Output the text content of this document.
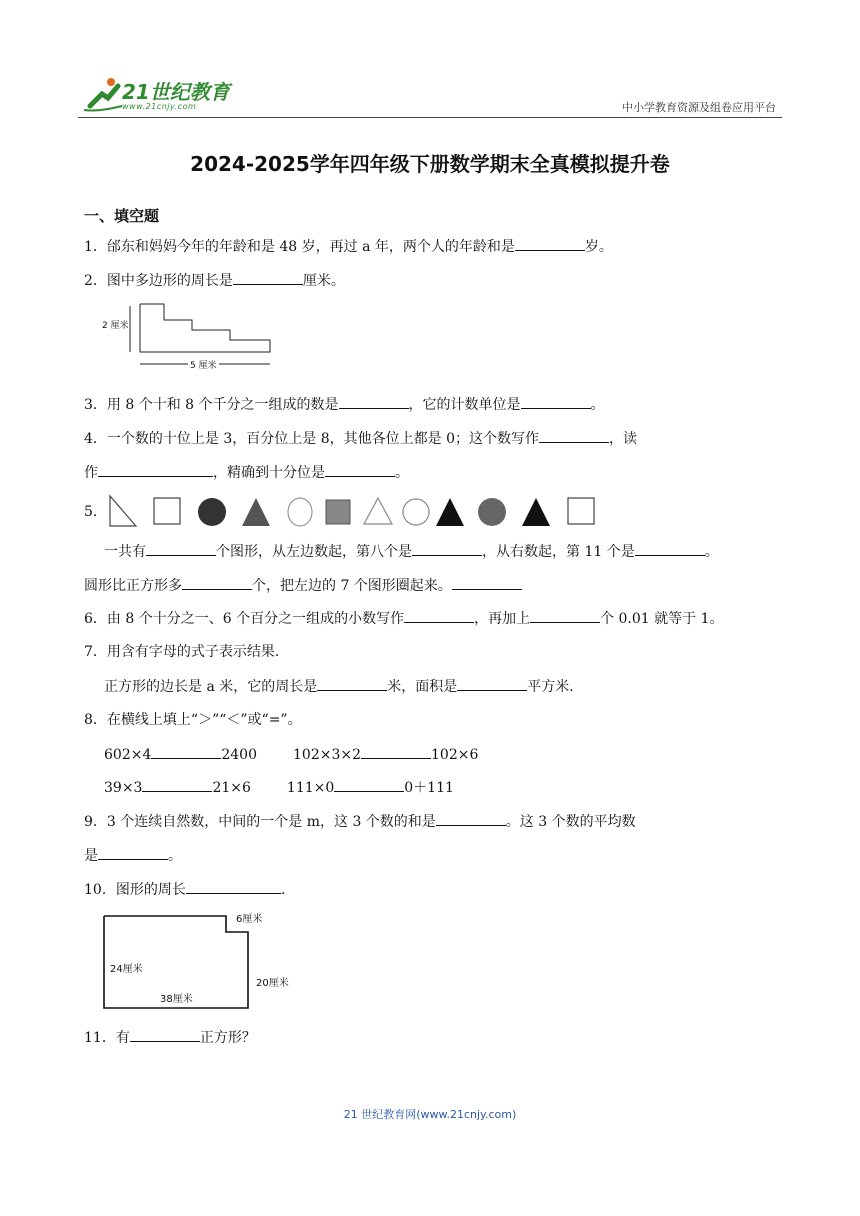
21世纪教育
www.21cnjy.com	中小学教育资源及组卷应用平台
2024-2025学年四年级下册数学期末全真模拟提升卷
一、填空题
1．邰东和妈妈今年的年龄和是 48 岁，再过 a 年，两个人的年龄和是	岁。
2．图中多边形的周长是	厘米。
2 厘米
5 厘米
3．用 8 个十和 8 个千分之一组成的数是	，它的计数单位是	。
4．一个数的十位上是 3，百分位上是 8，其他各位上都是 0；这个数写作	，读
作	，精确到十分位是	。
5．
一共有	个图形，从左边数起，第八个是	，从右数起，第 11 个是	。
圆形比正方形多	个，把左边的 7 个图形圈起来。
6．由 8 个十分之一、6 个百分之一组成的小数写作	，再加上	个 0.01 就等于 1。
7．用含有字母的式子表示结果.
正方形的边长是 a 米，它的周长是	米，面积是	平方米.
8．在横线上填上“＞”“＜”或“=”。
602×4	2400	102×3×2	102×6
39×3	21×6	111×0	0＋111
9．3 个连续自然数，中间的一个是 m，这 3 个数的和是	。这 3 个数的平均数
是	。
10．图形的周长	.
6厘米
24厘米
20厘米
38厘米
11．有	正方形？
21 世纪教育网(www.21cnjy.com)
